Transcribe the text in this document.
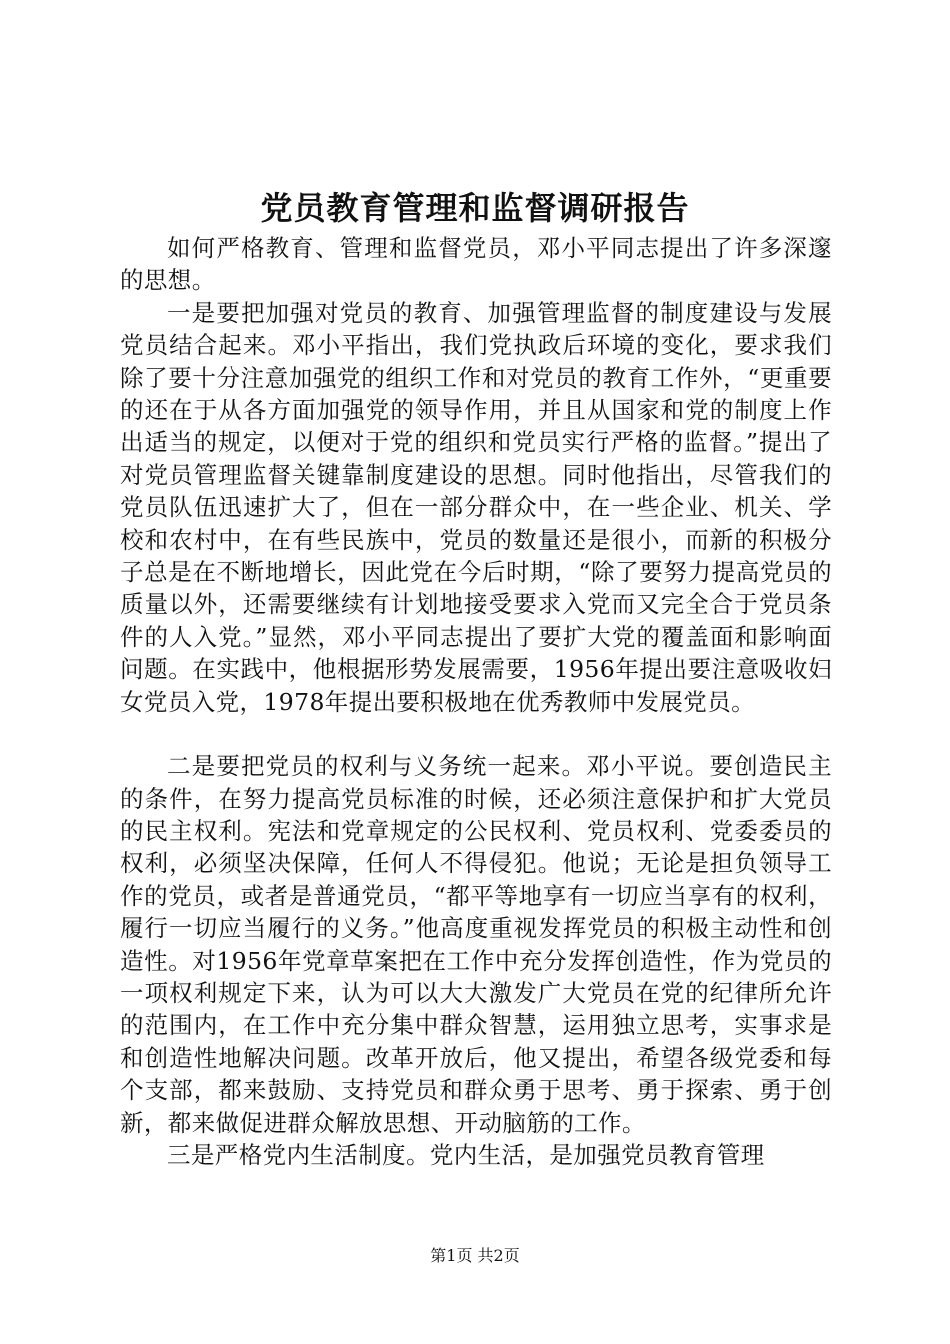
党员教育管理和监督调研报告

如何严格教育、管理和监督党员，邓小平同志提出了许多深邃的思想。

一是要把加强对党员的教育、加强管理监督的制度建设与发展党员结合起来。邓小平指出，我们党执政后环境的变化，要求我们除了要十分注意加强党的组织工作和对党员的教育工作外，“更重要的还在于从各方面加强党的领导作用，并且从国家和党的制度上作出适当的规定，以便对于党的组织和党员实行严格的监督。”提出了对党员管理监督关键靠制度建设的思想。同时他指出，尽管我们的党员队伍迅速扩大了，但在一部分群众中，在一些企业、机关、学校和农村中，在有些民族中，党员的数量还是很小，而新的积极分子总是在不断地增长，因此党在今后时期，“除了要努力提高党员的质量以外，还需要继续有计划地接受要求入党而又完全合于党员条件的人入党。”显然，邓小平同志提出了要扩大党的覆盖面和影响面问题。在实践中，他根据形势发展需要，1956年提出要注意吸收妇女党员入党，1978年提出要积极地在优秀教师中发展党员。

二是要把党员的权利与义务统一起来。邓小平说。要创造民主的条件，在努力提高党员标准的时候，还必须注意保护和扩大党员的民主权利。宪法和党章规定的公民权利、党员权利、党委委员的权利，必须坚决保障，任何人不得侵犯。他说；无论是担负领导工作的党员，或者是普通党员，“都平等地享有一切应当享有的权利，履行一切应当履行的义务。”他高度重视发挥党员的积极主动性和创造性。对1956年党章草案把在工作中充分发挥创造性，作为党员的一项权利规定下来，认为可以大大激发广大党员在党的纪律所允许的范围内，在工作中充分集中群众智慧，运用独立思考，实事求是和创造性地解决问题。改革开放后，他又提出，希望各级党委和每个支部，都来鼓励、支持党员和群众勇于思考、勇于探索、勇于创新，都来做促进群众解放思想、开动脑筋的工作。

三是严格党内生活制度。党内生活，是加强党员教育管理

第1页 共2页
